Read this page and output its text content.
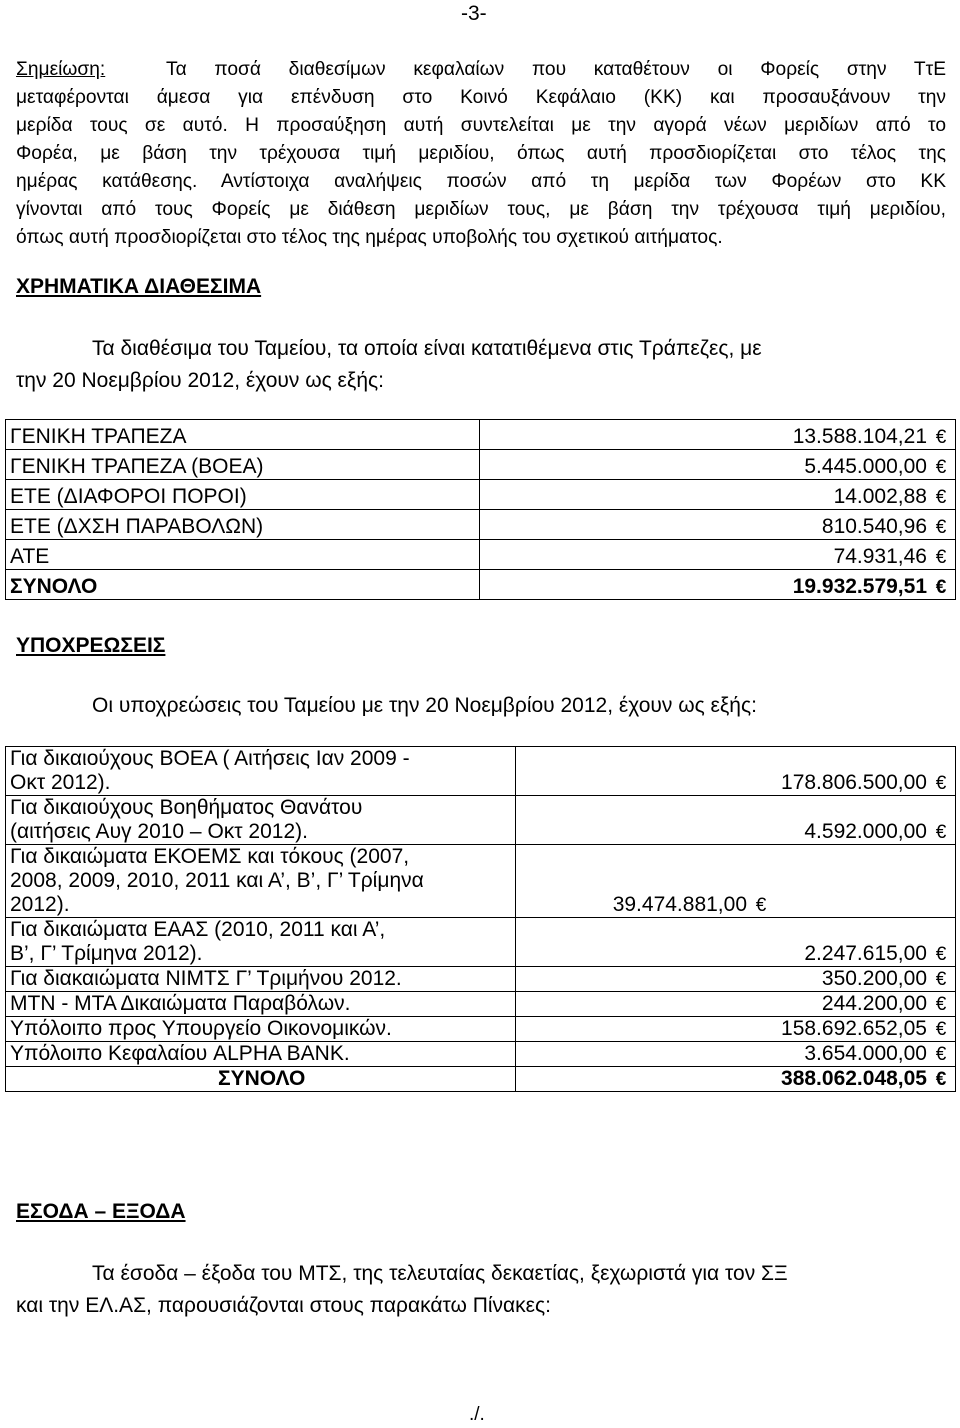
-3-
Σημείωση:	Τα ποσά διαθεσίμων κεφαλαίων που καταθέτουν οι Φορείς στην ΤτΕ
μεταφέρονται άμεσα για επένδυση στο Κοινό Κεφάλαιο (ΚΚ) και προσαυξάνουν την
μερίδα τους σε αυτό. Η προσαύξηση αυτή συντελείται με την αγορά νέων μεριδίων από το
Φορέα, με βάση την τρέχουσα τιμή μεριδίου, όπως αυτή προσδιορίζεται στο τέλος της
ημέρας κατάθεσης. Αντίστοιχα αναλήψεις ποσών από τη μερίδα των Φορέων στο ΚΚ
γίνονται από τους Φορείς με διάθεση μεριδίων τους, με βάση την τρέχουσα τιμή μεριδίου,
όπως αυτή προσδιορίζεται στο τέλος της ημέρας υποβολής του σχετικού αιτήματος.
ΧΡΗΜΑΤΙΚΑ ΔΙΑΘΕΣΙΜΑ
Τα διαθέσιμα του Ταμείου, τα οποία είναι κατατιθέμενα στις Τράπεζες, με
την 20 Νοεμβρίου 2012, έχουν ως εξής:
ΓΕΝΙΚΗ ΤΡΑΠΕΖΑ	13.588.104,21 €
ΓΕΝΙΚΗ ΤΡΑΠΕΖΑ (ΒΟΕΑ)	5.445.000,00 €
ΕΤΕ (ΔΙΑΦΟΡΟΙ ΠΟΡΟΙ)	14.002,88 €
ΕΤΕ (ΔΧΣΗ ΠΑΡΑΒΟΛΩΝ)	810.540,96 €
ΑΤΕ	74.931,46 €
ΣΥΝΟΛΟ	19.932.579,51 €
ΥΠΟΧΡΕΩΣΕΙΣ
Οι υποχρεώσεις του Ταμείου με την 20 Νοεμβρίου 2012, έχουν ως εξής:
Για δικαιούχους ΒΟΕΑ ( Αιτήσεις Ιαν 2009 -
Οκτ 2012).	178.806.500,00 €

Για δικαιούχους Βοηθήματος Θανάτου
(αιτήσεις Αυγ 2010 – Οκτ 2012).	4.592.000,00 €

Για δικαιώματα ΕΚΟΕΜΣ και τόκους (2007,
2008, 2009, 2010, 2011 και Α’, Β’, Γ’ Τρίμηνα
2012).	39.474.881,00 €

Για δικαιώματα ΕΑΑΣ (2010, 2011 και Α’,
Β’, Γ’ Τρίμηνα 2012).	2.247.615,00 €

Για διακαιώματα ΝΙΜΤΣ Γ’ Τριμήνου 2012.	350.200,00 €

ΜΤΝ - ΜΤΑ Δικαιώματα Παραβόλων.	244.200,00 €

Υπόλοιπο προς Υπουργείο Οικονομικών.	158.692.652,05 €

Υπόλοιπο Κεφαλαίου ALPHA BANK.	3.654.000,00 €
ΣΥΝΟΛΟ	388.062.048,05 €
ΕΣΟΔΑ – ΕΞΟΔΑ
Τα έσοδα – έξοδα του ΜΤΣ, της τελευταίας δεκαετίας, ξεχωριστά για τον ΣΞ
και την ΕΛ.ΑΣ, παρουσιάζονται στους παρακάτω Πίνακες:
./.
